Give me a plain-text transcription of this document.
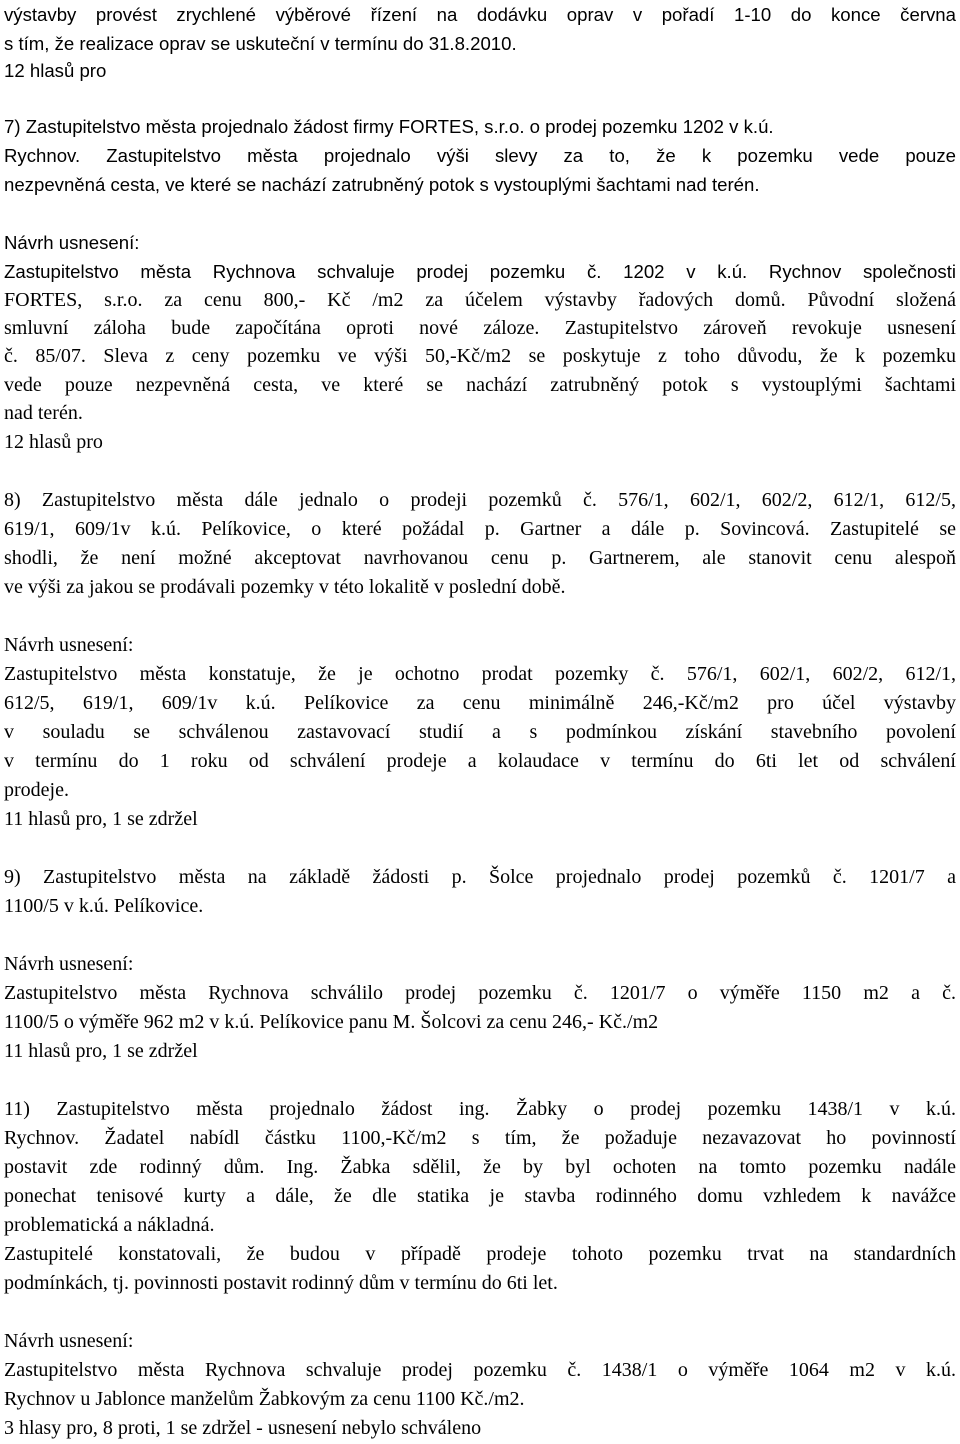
výstavby provést zrychlené výběrové řízení na dodávku oprav v pořadí 1-10 do konce června
s tím, že realizace oprav se uskuteční v termínu do 31.8.2010.
12 hlasů pro
7) Zastupitelstvo města projednalo žádost firmy FORTES, s.r.o. o prodej pozemku 1202 v k.ú.
Rychnov. Zastupitelstvo města projednalo výši slevy za to, že k pozemku vede pouze
nezpevněná cesta, ve které se nachází zatrubněný potok s vystouplými šachtami nad terén.
Návrh usnesení:
Zastupitelstvo města Rychnova schvaluje prodej pozemku č. 1202 v k.ú. Rychnov společnosti
FORTES, s.r.o. za cenu 800,- Kč /m2 za účelem výstavby řadových domů. Původní složená
smluvní záloha bude započítána oproti nové záloze. Zastupitelstvo zároveň revokuje usnesení
č. 85/07. Sleva z ceny pozemku ve výši 50,-Kč/m2 se poskytuje z toho důvodu, že k pozemku
vede pouze nezpevněná cesta, ve které se nachází zatrubněný potok s vystouplými šachtami
nad terén.
12 hlasů pro
8) Zastupitelstvo města dále jednalo o prodeji pozemků č. 576/1, 602/1, 602/2, 612/1, 612/5,
619/1, 609/1v k.ú. Pelíkovice, o které požádal p. Gartner a dále p. Sovincová. Zastupitelé se
shodli, že není možné akceptovat navrhovanou cenu p. Gartnerem, ale stanovit cenu alespoň
ve výši za jakou se prodávali pozemky v této lokalitě v poslední době.
Návrh usnesení:
Zastupitelstvo města konstatuje, že je ochotno prodat pozemky č. 576/1, 602/1, 602/2, 612/1,
612/5, 619/1, 609/1v k.ú. Pelíkovice za cenu minimálně 246,-Kč/m2 pro účel výstavby
v souladu se schválenou zastavovací studií a s podmínkou získání stavebního povolení
v termínu do 1 roku od schválení prodeje a kolaudace v termínu do 6ti let od schválení
prodeje.
11 hlasů pro, 1 se zdržel
9) Zastupitelstvo města na základě žádosti p. Šolce projednalo prodej pozemků č. 1201/7 a
1100/5 v k.ú. Pelíkovice.
Návrh usnesení:
Zastupitelstvo města Rychnova schválilo prodej pozemku č. 1201/7 o výměře 1150 m2 a č.
1100/5 o výměře 962 m2 v k.ú. Pelíkovice panu M. Šolcovi za cenu 246,- Kč./m2
11 hlasů pro, 1 se zdržel
11) Zastupitelstvo města projednalo žádost ing. Žabky o prodej pozemku 1438/1 v k.ú.
Rychnov. Žadatel nabídl částku 1100,-Kč/m2 s tím, že požaduje nezavazovat ho povinností
postavit zde rodinný dům. Ing. Žabka sdělil, že by byl ochoten na tomto pozemku nadále
ponechat tenisové kurty a dále, že dle statika je stavba rodinného domu vzhledem k navážce
problematická a nákladná.
Zastupitelé konstatovali, že budou v případě prodeje tohoto pozemku trvat na standardních
podmínkách, tj. povinnosti postavit rodinný dům v termínu do 6ti let.
Návrh usnesení:
Zastupitelstvo města Rychnova schvaluje prodej pozemku č. 1438/1 o výměře 1064 m2 v k.ú.
Rychnov u Jablonce manželům Žabkovým za cenu 1100 Kč./m2.
3 hlasy pro, 8 proti, 1 se zdržel - usnesení nebylo schváleno
